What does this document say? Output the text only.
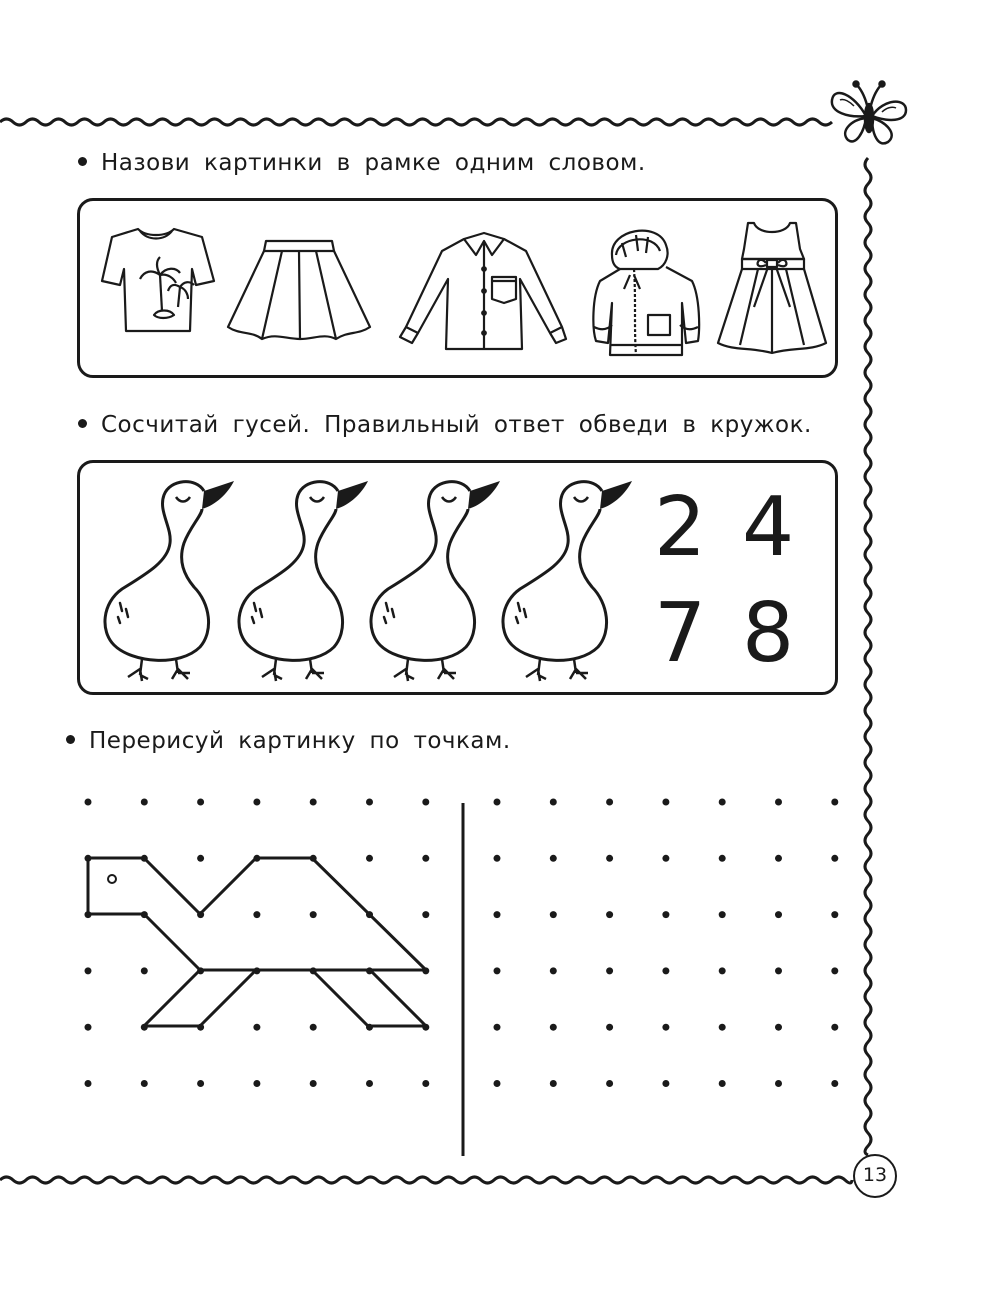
Назови картинки в рамке одним словом.
Сосчитай гусей. Правильный ответ обведи в кружок.
2 4
7 8
Перерисуй картинку по точкам.
13
